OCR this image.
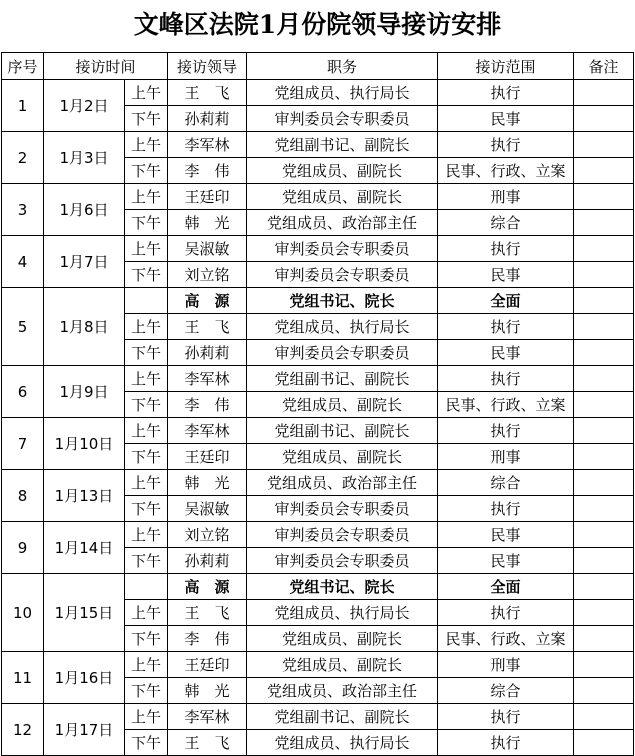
文峰区法院1月份院领导接访安排
序号	接访时间		接访领导	职务	接访范围	备注
1	1月2日	上午	王　飞	党组成员、执行局长	执行	
		下午	孙莉莉	审判委员会专职委员	民事	
2	1月3日	上午	李军林	党组副书记、副院长	执行	
		下午	李　伟	党组成员、副院长	民事、行政、立案	
3	1月6日	上午	王廷印	党组成员、副院长	刑事	
		下午	韩　光	党组成员、政治部主任	综合	
4	1月7日	上午	吴淑敏	审判委员会专职委员	执行	
		下午	刘立铭	审判委员会专职委员	民事	
5	1月8日		高　源	党组书记、院长	全面	
		上午	王　飞	党组成员、执行局长	执行	
		下午	孙莉莉	审判委员会专职委员	民事	
6	1月9日	上午	李军林	党组副书记、副院长	执行	
		下午	李　伟	党组成员、副院长	民事、行政、立案	
7	1月10日	上午	李军林	党组副书记、副院长	执行	
		下午	王廷印	党组成员、副院长	刑事	
8	1月13日	上午	韩　光	党组成员、政治部主任	综合	
		下午	吴淑敏	审判委员会专职委员	执行	
9	1月14日	上午	刘立铭	审判委员会专职委员	民事	
		下午	孙莉莉	审判委员会专职委员	民事	
10	1月15日		高　源	党组书记、院长	全面	
		上午	王　飞	党组成员、执行局长	执行	
		下午	李　伟	党组成员、副院长	民事、行政、立案	
11	1月16日	上午	王廷印	党组成员、副院长	刑事	
		下午	韩　光	党组成员、政治部主任	综合	
12	1月17日	上午	李军林	党组副书记、副院长	执行	
		下午	王　飞	党组成员、执行局长	执行	
